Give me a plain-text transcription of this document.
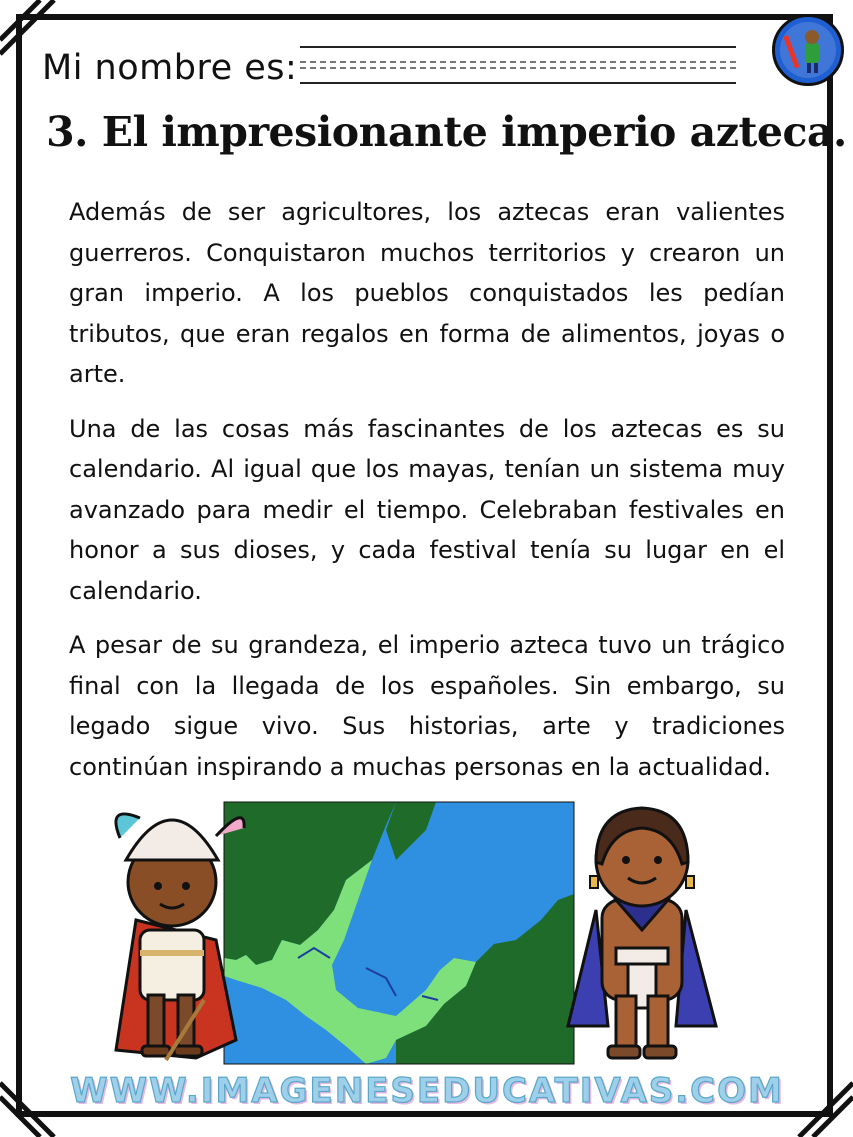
Mi nombre es:
3. El impresionante imperio azteca.

Además de ser agricultores, los aztecas eran valientes guerreros. Conquistaron muchos territorios y crearon un gran imperio. A los pueblos conquistados les pedían tributos, que eran regalos en forma de alimentos, joyas o arte.

Una de las cosas más fascinantes de los aztecas es su calendario. Al igual que los mayas, tenían un sistema muy avanzado para medir el tiempo. Celebraban festivales en honor a sus dioses, y cada festival tenía su lugar en el calendario.

A pesar de su grandeza, el imperio azteca tuvo un trágico final con la llegada de los españoles. Sin embargo, su legado sigue vivo. Sus historias, arte y tradiciones continúan inspirando a muchas personas en la actualidad.

WWW.IMAGENESEDUCATIVAS.COM
